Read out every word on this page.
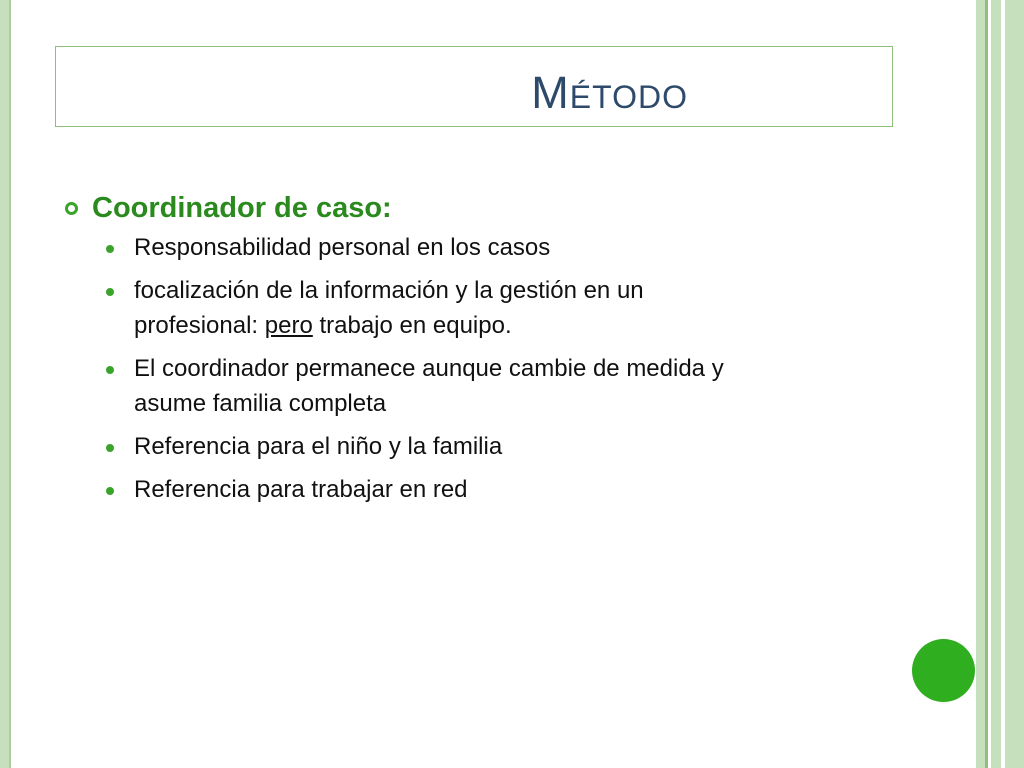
Método
Coordinador de caso:
Responsabilidad personal en los casos
focalización de la información y la gestión en un
profesional: pero trabajo en equipo.
El coordinador permanece aunque cambie de medida y
asume familia completa
Referencia para el niño y la familia
Referencia para trabajar en red
